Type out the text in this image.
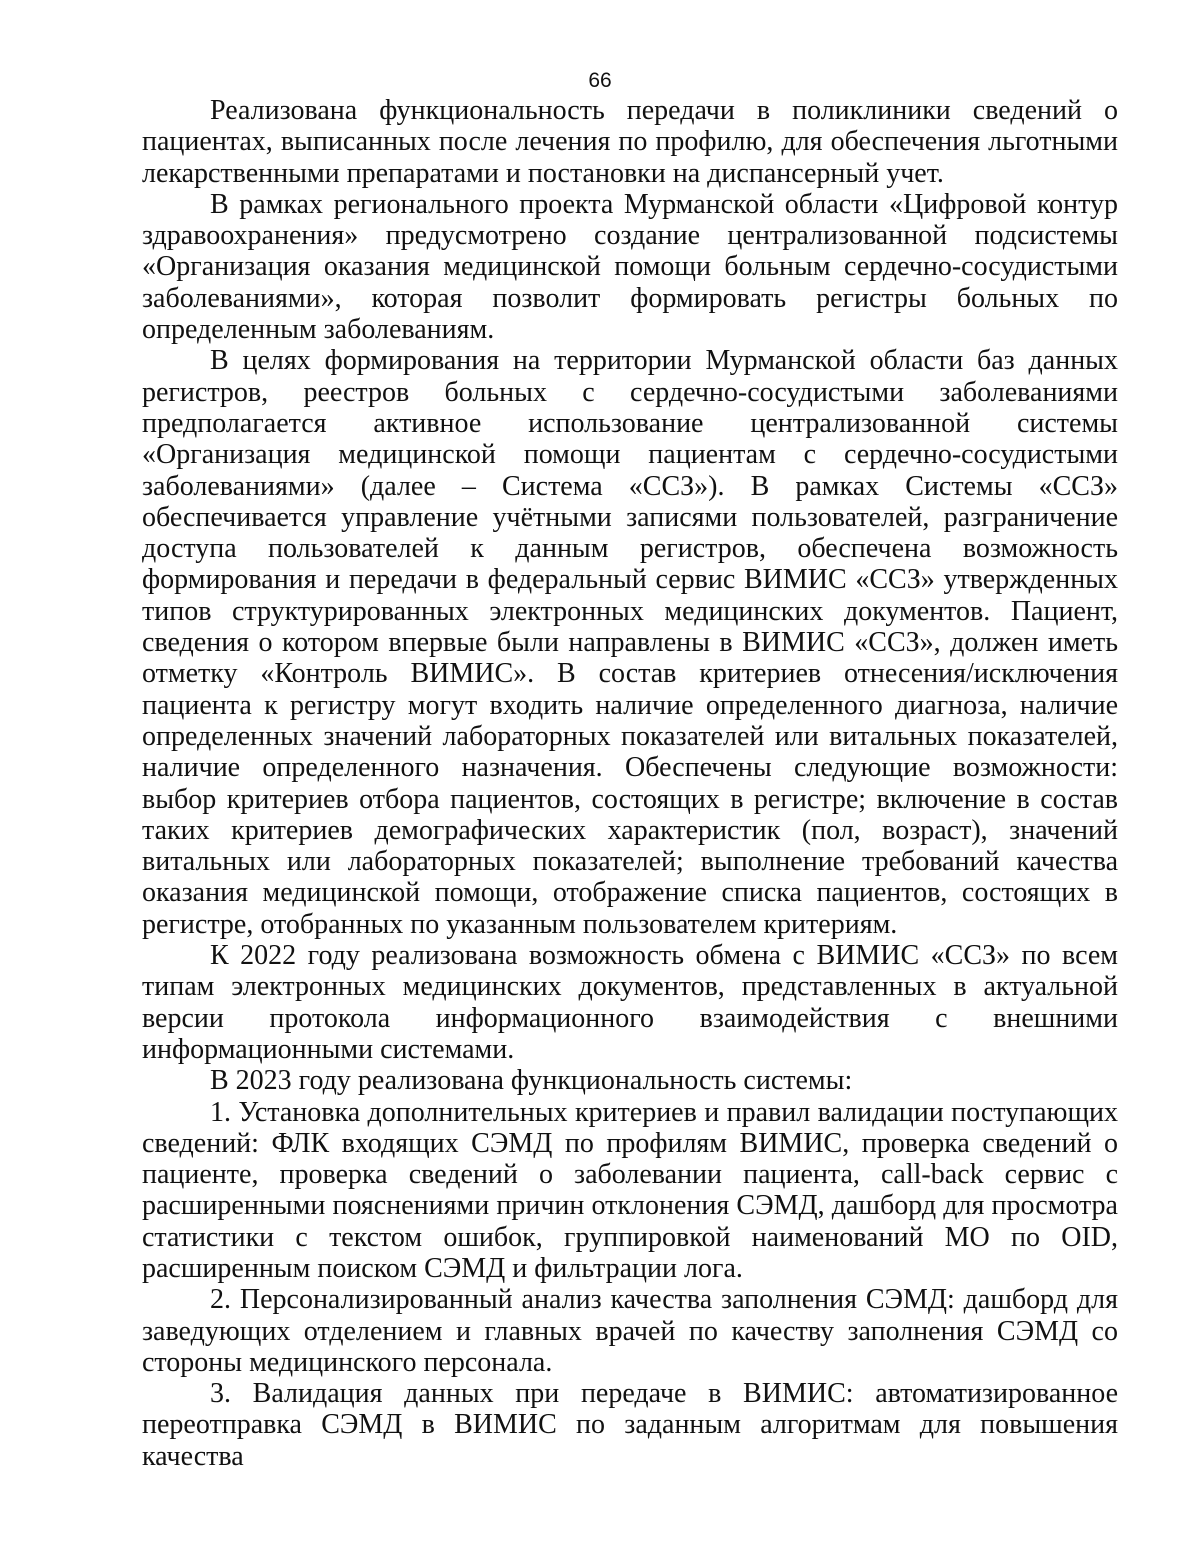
66

Реализована функциональность передачи в поликлиники сведений о пациентах, выписанных после лечения по профилю, для обеспечения льготными лекарственными препаратами и постановки на диспансерный учет.

В рамках регионального проекта Мурманской области «Цифровой контур здравоохранения» предусмотрено создание централизованной подсистемы «Организация оказания медицинской помощи больным сердечно-сосудистыми заболеваниями», которая позволит формировать регистры больных по определенным заболеваниям.

В целях формирования на территории Мурманской области баз данных регистров, реестров больных с сердечно-сосудистыми заболеваниями предполагается активное использование централизованной системы «Организация медицинской помощи пациентам с сердечно-сосудистыми заболеваниями» (далее – Система «ССЗ»). В рамках Системы «ССЗ» обеспечивается управление учётными записями пользователей, разграничение доступа пользователей к данным регистров, обеспечена возможность формирования и передачи в федеральный сервис ВИМИС «ССЗ» утвержденных типов структурированных электронных медицинских документов. Пациент, сведения о котором впервые были направлены в ВИМИС «ССЗ», должен иметь отметку «Контроль ВИМИС». В состав критериев отнесения/исключения пациента к регистру могут входить наличие определенного диагноза, наличие определенных значений лабораторных показателей или витальных показателей, наличие определенного назначения. Обеспечены следующие возможности: выбор критериев отбора пациентов, состоящих в регистре; включение в состав таких критериев демографических характеристик (пол, возраст), значений витальных или лабораторных показателей; выполнение требований качества оказания медицинской помощи, отображение списка пациентов, состоящих в регистре, отобранных по указанным пользователем критериям.

К 2022 году реализована возможность обмена с ВИМИС «ССЗ» по всем типам электронных медицинских документов, представленных в актуальной версии протокола информационного взаимодействия с внешними информационными системами.

В 2023 году реализована функциональность системы:

1. Установка дополнительных критериев и правил валидации поступающих сведений: ФЛК входящих СЭМД по профилям ВИМИС, проверка сведений о пациенте, проверка сведений о заболевании пациента, call-back сервис с расширенными пояснениями причин отклонения СЭМД, дашборд для просмотра статистики с текстом ошибок, группировкой наименований МО по OID, расширенным поиском СЭМД и фильтрации лога.

2. Персонализированный анализ качества заполнения СЭМД: дашборд для заведующих отделением и главных врачей по качеству заполнения СЭМД со стороны медицинского персонала.

3. Валидация данных при передаче в ВИМИС: автоматизированное переотправка СЭМД в ВИМИС по заданным алгоритмам для повышения качества
